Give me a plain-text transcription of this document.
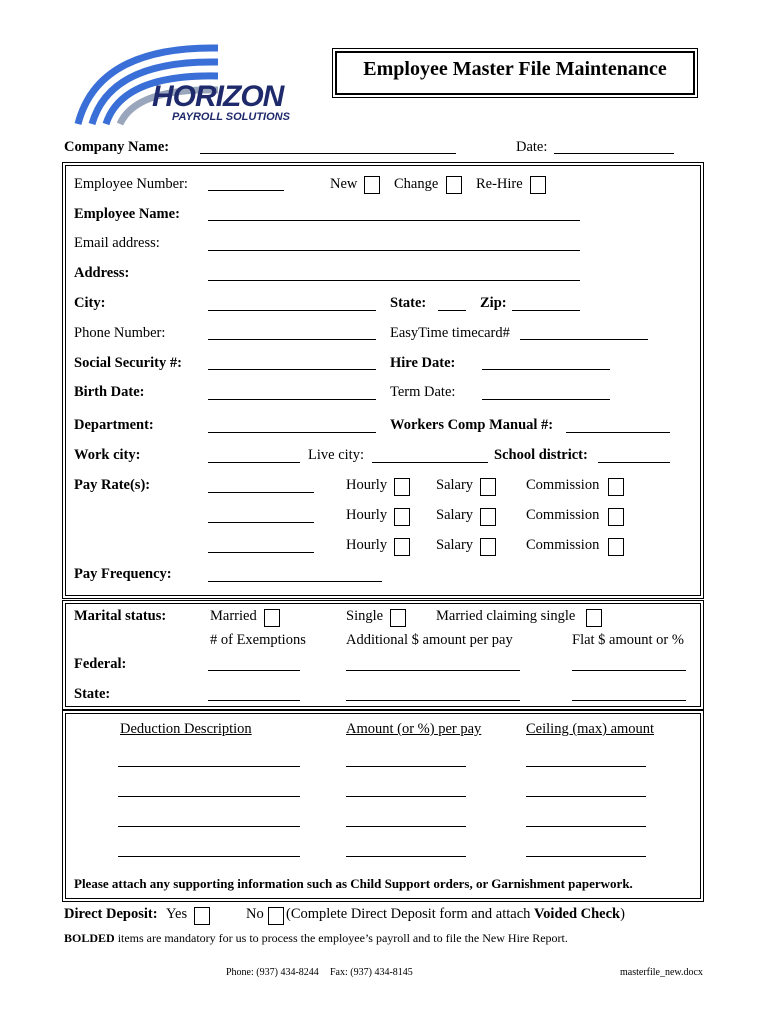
HORIZON
PAYROLL SOLUTIONS
Employee Master File Maintenance
Company Name:	Date:
Employee Number:	New	Change	Re-Hire
Employee Name:
Email address:
Address:
City:	State:	Zip:
Phone Number:	EasyTime timecard#
Social Security #:	Hire Date:
Birth Date:	Term Date:
Department:	Workers Comp Manual #:
Work city:	Live city:	School district:
Pay Rate(s):	Hourly	Salary	Commission
Hourly	Salary	Commission
Hourly	Salary	Commission
Pay Frequency:
Marital status:	Married	Single	Married claiming single
# of Exemptions	Additional $ amount per pay	Flat $ amount or %
Federal:
State:
Deduction Description	Amount (or %) per pay	Ceiling (max) amount
Please attach any supporting information such as Child Support orders, or Garnishment paperwork.
Direct Deposit: Yes	No (Complete Direct Deposit form and attach Voided Check)
BOLDED items are mandatory for us to process the employee’s payroll and to file the New Hire Report.
Phone: (937) 434-8244 Fax: (937) 434-8145	masterfile_new.docx
